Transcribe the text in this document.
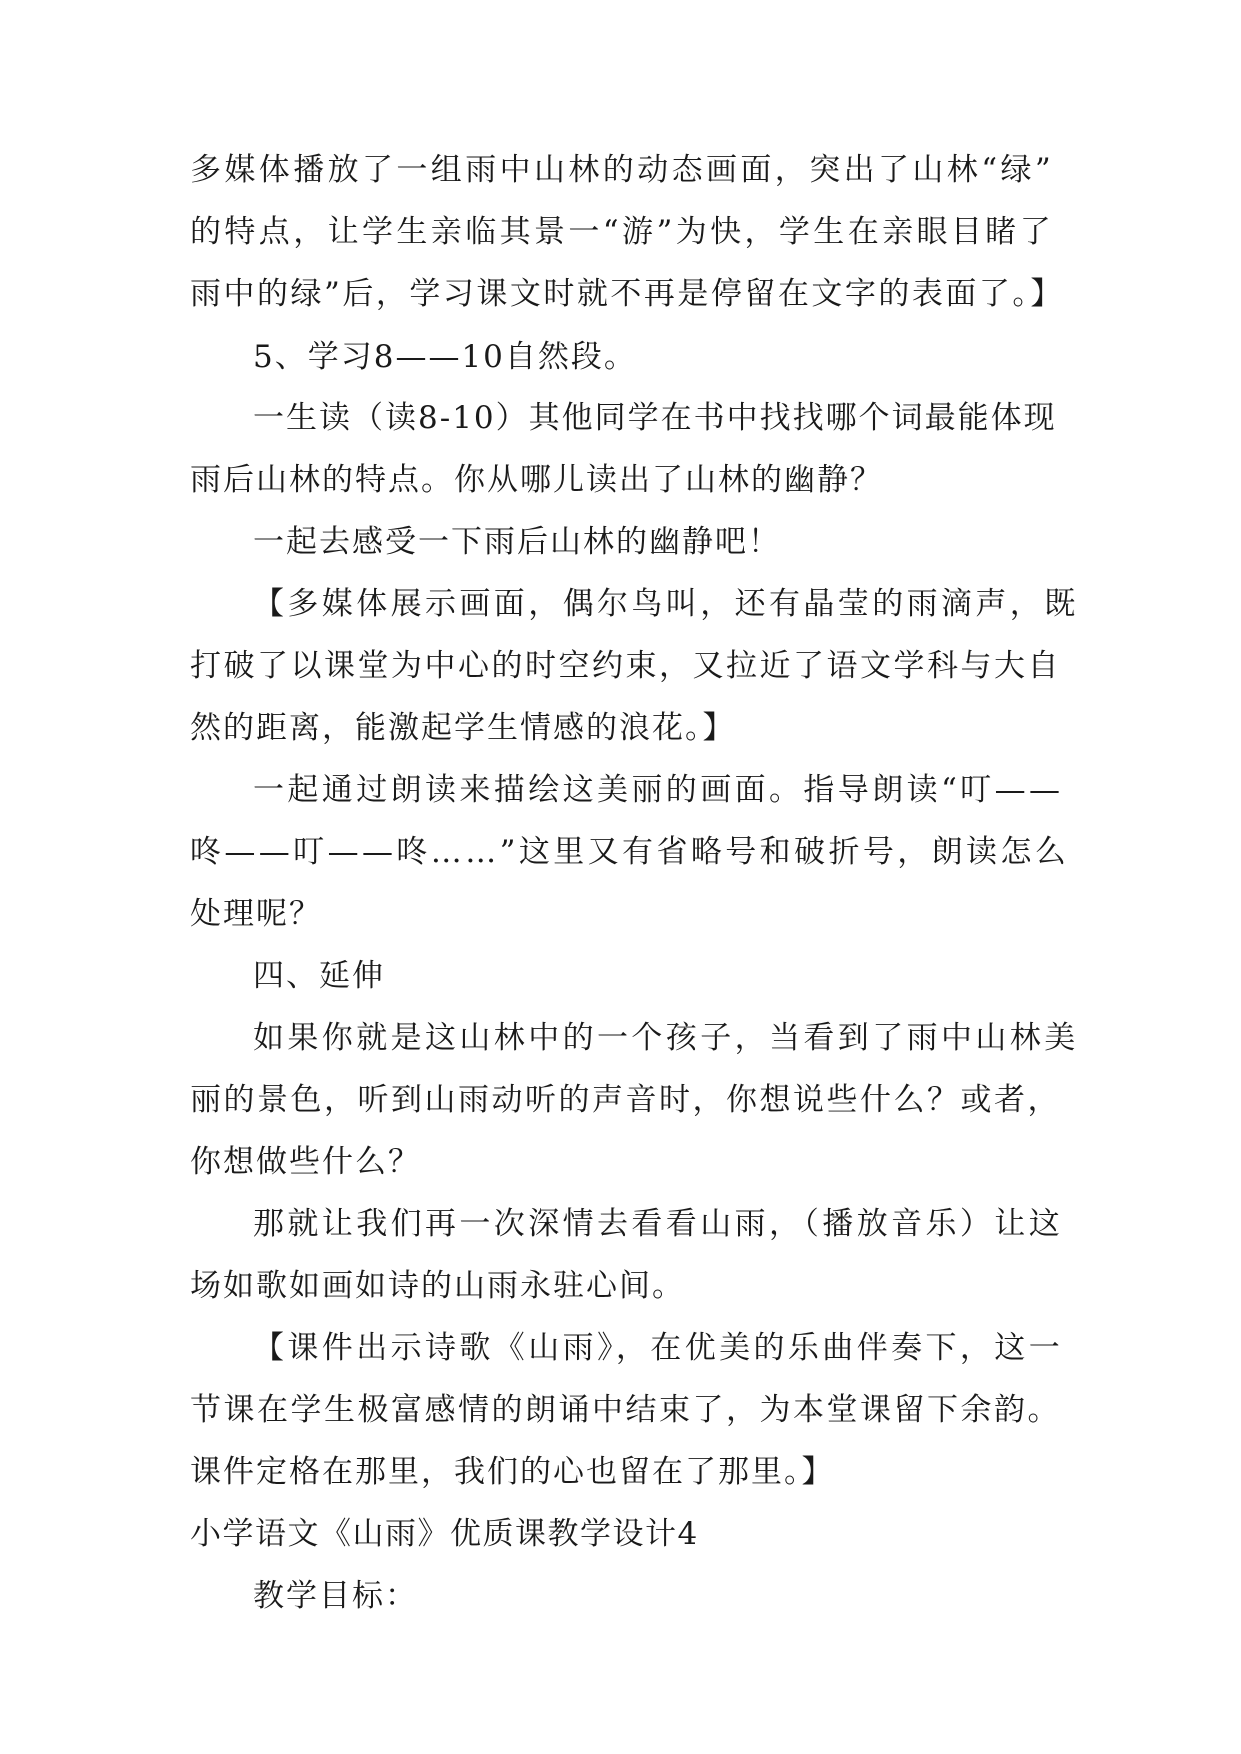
多媒体播放了一组雨中山林的动态画面，突出了山林“绿”
的特点，让学生亲临其景一“游”为快，学生在亲眼目睹了
雨中的绿”后，学习课文时就不再是停留在文字的表面了。】
5、学习8——10自然段。
一生读（读8-10）其他同学在书中找找哪个词最能体现
雨后山林的特点。你从哪儿读出了山林的幽静？
一起去感受一下雨后山林的幽静吧！
【多媒体展示画面，偶尔鸟叫，还有晶莹的雨滴声，既
打破了以课堂为中心的时空约束，又拉近了语文学科与大自
然的距离，能激起学生情感的浪花。】
一起通过朗读来描绘这美丽的画面。指导朗读“叮——
咚——叮——咚……”这里又有省略号和破折号，朗读怎么
处理呢？
四、延伸
如果你就是这山林中的一个孩子，当看到了雨中山林美
丽的景色，听到山雨动听的声音时，你想说些什么？或者，
你想做些什么？
那就让我们再一次深情去看看山雨，（播放音乐）让这
场如歌如画如诗的山雨永驻心间。
【课件出示诗歌《山雨》，在优美的乐曲伴奏下，这一
节课在学生极富感情的朗诵中结束了，为本堂课留下余韵。
课件定格在那里，我们的心也留在了那里。】
小学语文《山雨》优质课教学设计4
教学目标：
